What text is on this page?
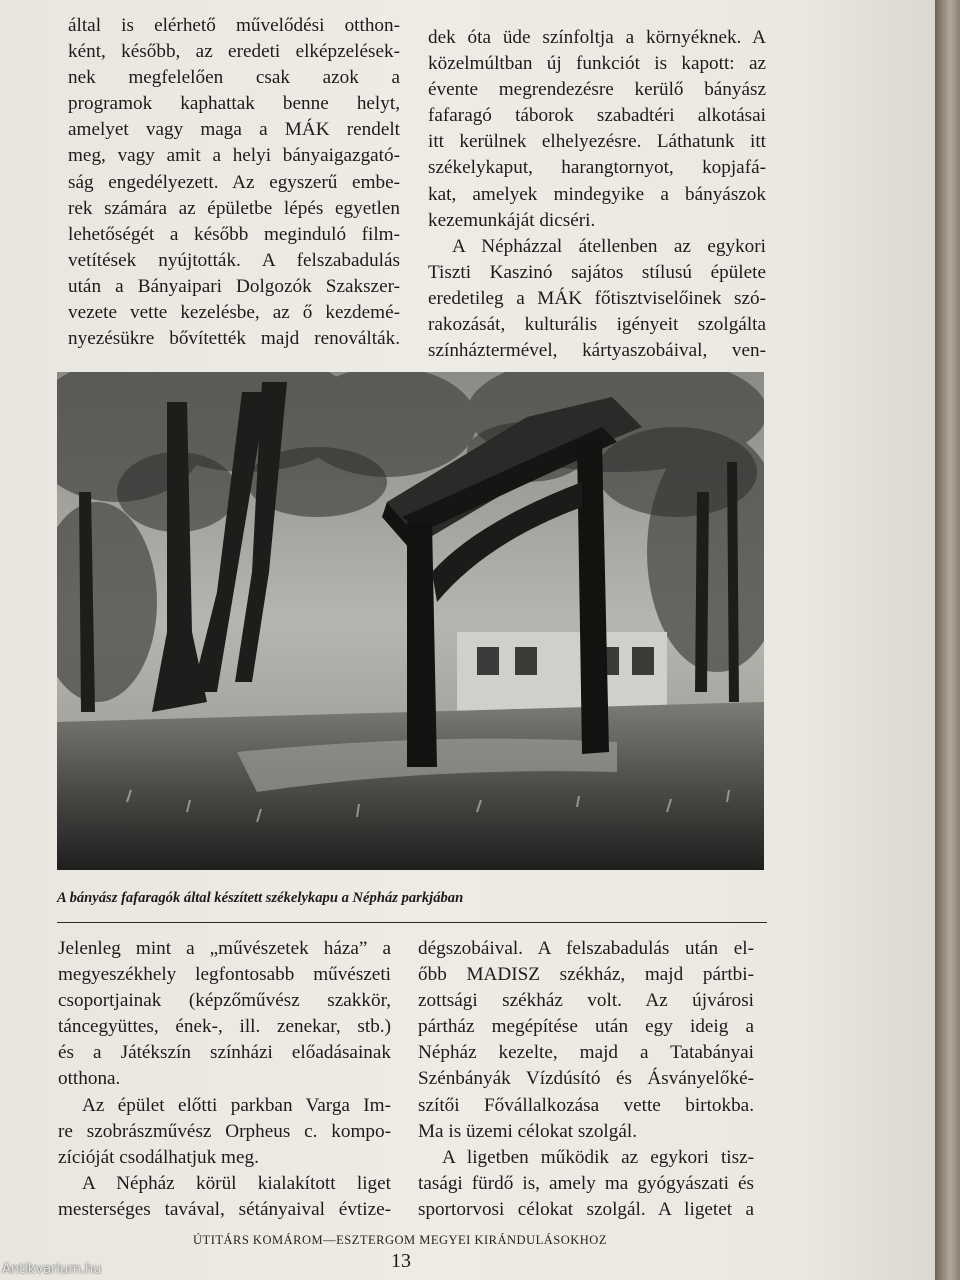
által is elérhető művelődési otthon-

ként, később, az eredeti elképzelések-

nek megfelelően csak azok a

programok kaphattak benne helyt,

amelyet vagy maga a MÁK rendelt

meg, vagy amit a helyi bányaigazgató-

ság engedélyezett. Az egyszerű embe-

rek számára az épületbe lépés egyetlen

lehetőségét a később meginduló film-

vetítések nyújtották. A felszabadulás

után a Bányaipari Dolgozók Szakszer-

vezete vette kezelésbe, az ő kezdemé-

nyezésükre bővítették majd renoválták.

dek óta üde színfoltja a környéknek. A

közelmúltban új funkciót is kapott: az

évente megrendezésre kerülő bányász

fafaragó táborok szabadtéri alkotásai

itt kerülnek elhelyezésre. Láthatunk itt

székelykaput, harangtornyot, kopjafá-

kat, amelyek mindegyike a bányászok

kezemunkáját dicséri.

A Népházzal átellenben az egykori

Tiszti Kaszinó sajátos stílusú épülete

eredetileg a MÁK főtisztviselőinek szó-

rakozását, kulturális igényeit szolgálta

színháztermével, kártyaszobáival, ven-

A bányász fafaragók által készített székelykapu a Népház parkjában

Jelenleg mint a „művészetek háza” a

megyeszékhely legfontosabb művészeti

csoportjainak (képzőművész szakkör,

táncegyüttes, ének-, ill. zenekar, stb.)

és a Játékszín színházi előadásainak

otthona.

Az épület előtti parkban Varga Im-

re szobrászművész Orpheus c. kompo-

zícióját csodálhatjuk meg.

A Népház körül kialakított liget

mesterséges tavával, sétányaival évtize-

dégszobáival. A felszabadulás után el-

őbb MADISZ székház, majd pártbi-

zottsági székház volt. Az újvárosi

pártház megépítése után egy ideig a

Népház kezelte, majd a Tatabányai

Szénbányák Vízdúsító és Ásványelőké-

szítői Fővállalkozása vette birtokba.

Ma is üzemi célokat szolgál.

A ligetben működik az egykori tisz-

tasági fürdő is, amely ma gyógyászati és

sportorvosi célokat szolgál. A ligetet a

ÚTITÁRS KOMÁROM—ESZTERGOM MEGYEI KIRÁNDULÁSOKHOZ
13
Antikvarium.hu
